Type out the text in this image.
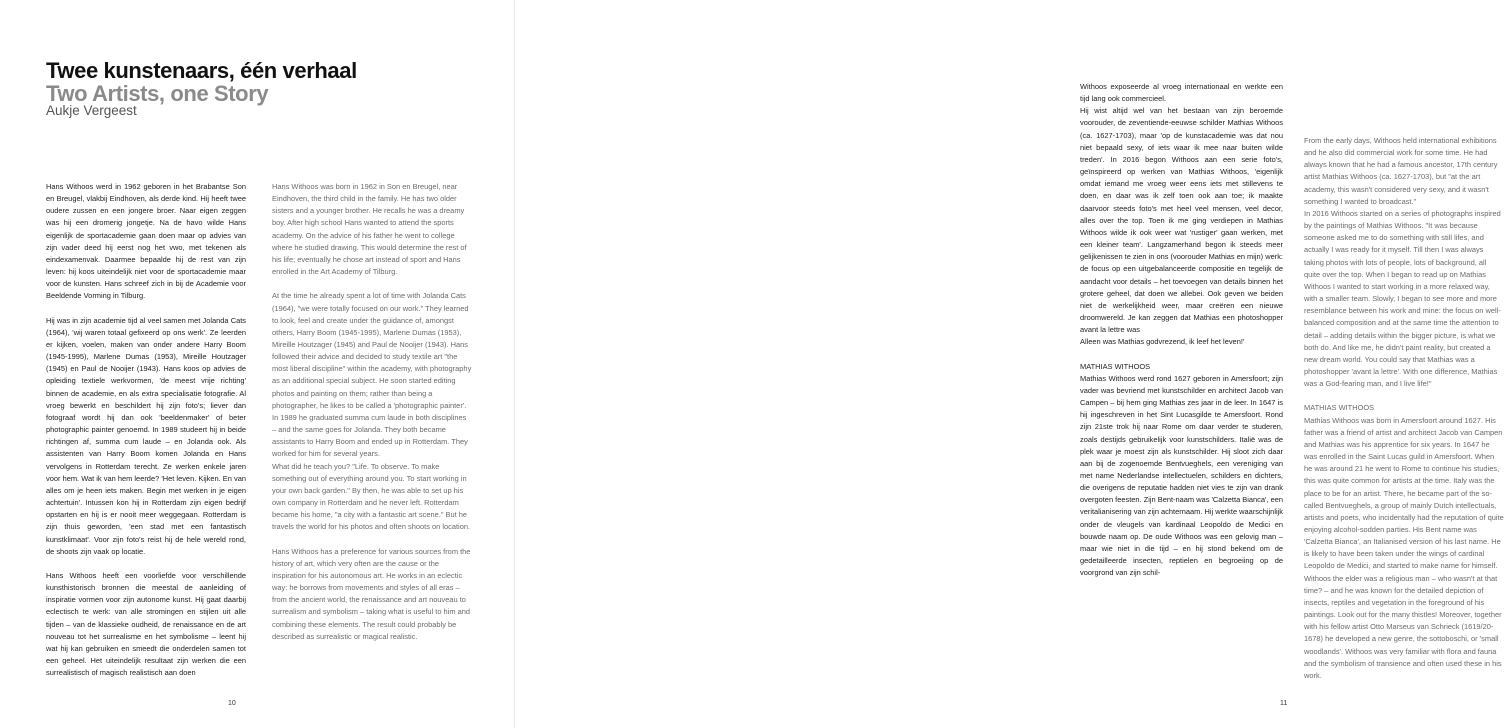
Twee kunstenaars, één verhaal
Two Artists, one Story
Aukje Vergeest

Hans Withoos werd in 1962 geboren in het Brabantse Son en Breugel, vlakbij Eindhoven, als derde kind. Hij heeft twee oudere zussen en een jongere broer. Naar eigen zeggen was hij een dromerig jongetje. Na de havo wilde Hans eigenlijk de sportacademie gaan doen maar op advies van zijn vader deed hij eerst nog het vwo, met tekenen als eindexamenvak. Daarmee bepaalde hij de rest van zijn leven: hij koos uiteindelijk niet voor de sportacademie maar voor de kunsten. Hans schreef zich in bij de Academie voor Beeldende Vorming in Tilburg.

Hij was in zijn academie tijd al veel samen met Jolanda Cats (1964), 'wij waren totaal gefixeerd op ons werk'. Ze leerden er kijken, voelen, maken van onder andere Harry Boom (1945-1995), Marlene Dumas (1953), Mireille Houtzager (1945) en Paul de Nooijer (1943). Hans koos op advies de opleiding textiele werkvormen, 'de meest vrije richting' binnen de academie, en als extra specialisatie fotografie. Al vroeg bewerkt en beschildert hij zijn foto's; liever dan fotograaf wordt hij dan ook 'beeldenmaker' of beter photographic painter genoemd. In 1989 studeert hij in beide richtingen af, summa cum laude – en Jolanda ook. Als assistenten van Harry Boom komen Jolanda en Hans vervolgens in Rotterdam terecht. Ze werken enkele jaren voor hem. Wat ik van hem leerde? 'Het leven. Kijken. En van alles om je heen iets maken. Begin met werken in je eigen achtertuin'. Intussen kon hij in Rotterdam zijn eigen bedrijf opstarten en hij is er nooit meer weggegaan. Rotterdam is zijn thuis geworden, 'een stad met een fantastisch kunstklimaat'. Voor zijn foto's reist hij de hele wereld rond, de shoots zijn vaak op locatie.

Hans Withoos heeft een voorliefde voor verschillende kunsthistorisch bronnen die meestal de aanleiding of inspiratie vormen voor zijn autonome kunst. Hij gaat daarbij eclectisch te werk: van alle stromingen en stijlen uit alle tijden – van de klassieke oudheid, de renaissance en de art nouveau tot het surrealisme en het symbolisme – leent hij wat hij kan gebruiken en smeedt die onderdelen samen tot een geheel. Het uiteindelijk resultaat zijn werken die een surrealistisch of magisch realistisch aan doen

Hans Withoos was born in 1962 in Son en Breugel, near Eindhoven, the third child in the family. He has two older sisters and a younger brother. He recalls he was a dreamy boy. After high school Hans wanted to attend the sports academy. On the advice of his father he went to college where he studied drawing. This would determine the rest of his life; eventually he chose art instead of sport and Hans enrolled in the Art Academy of Tilburg.

At the time he already spent a lot of time with Jolanda Cats (1964), "we were totally focused on our work." They learned to look, feel and create under the guidance of, amongst others, Harry Boom (1945-1995), Marlene Dumas (1953), Mireille Houtzager (1945) and Paul de Nooijer (1943). Hans followed their advice and decided to study textile art "the most liberal discipline" within the academy, with photography as an additional special subject. He soon started editing photos and painting on them; rather than being a photographer, he likes to be called a 'photographic painter'. In 1989 he graduated summa cum laude in both disciplines – and the same goes for Jolanda. They both became assistants to Harry Boom and ended up in Rotterdam. They worked for him for several years.

What did he teach you? "Life. To observe. To make something out of everything around you. To start working in your own back garden." By then, he was able to set up his own company in Rotterdam and he never left. Rotterdam became his home, "a city with a fantastic art scene." But he travels the world for his photos and often shoots on location.

Hans Withoos has a preference for various sources from the history of art, which very often are the cause or the inspiration for his autonomous art. He works in an eclectic way: he borrows from movements and styles of all eras – from the ancient world, the renaissance and art nouveau to surrealism and symbolism – taking what is useful to him and combining these elements. The result could probably be described as surrealistic or magical realistic.

10

Withoos exposeerde al vroeg internationaal en werkte een tijd lang ook commercieel.

Hij wist altijd wel van het bestaan van zijn beroemde voorouder, de zeventiende-eeuwse schilder Mathias Withoos (ca. 1627-1703), maar 'op de kunstacademie was dat nou niet bepaald sexy, of iets waar ik mee naar buiten wilde treden'. In 2016 begon Withoos aan een serie foto's, geïnspireerd op werken van Mathias Withoos, 'eigenlijk omdat iemand me vroeg weer eens iets met stillevens te doen, en daar was ik zelf toen ook aan toe; ik maakte daarvoor steeds foto's met heel veel mensen, veel decor, alles over the top. Toen ik me ging verdiepen in Mathias Withoos wilde ik ook weer wat 'rustiger' gaan werken, met een kleiner team'. Langzamerhand begon ik steeds meer gelijkenissen te zien in ons (voorouder Mathias en mijn) werk: de focus op een uitgebalanceerde compositie en tegelijk de aandacht voor details – het toevoegen van details binnen het grotere geheel, dat doen we allebei. Ook geven we beiden niet de werkelijkheid weer, maar creëren een nieuwe droomwereld. Je kan zeggen dat Mathias een photoshopper avant la lettre was

Alleen was Mathias godvrezend, ik leef het leven!'

MATHIAS WITHOOS

Mathias Withoos werd rond 1627 geboren in Amersfoort; zijn vader was bevriend met kunstschilder en architect Jacob van Campen – bij hem ging Mathias zes jaar in de leer. In 1647 is hij ingeschreven in het Sint Lucasgilde te Amersfoort. Rond zijn 21ste trok hij naar Rome om daar verder te studeren, zoals destijds gebruikelijk voor kunstschilders. Italië was de plek waar je moest zijn als kunstschilder. Hij sloot zich daar aan bij de zogenoemde Bentvueghels, een vereniging van met name Nederlandse intellectuelen, schilders en dichters, die overigens de reputatie hadden niet vies te zijn van drank overgoten feesten. Zijn Bent-naam was 'Calzetta Bianca', een veritalianisering van zijn achternaam. Hij werkte waarschijnlijk onder de vleugels van kardinaal Leopoldo de Medici en bouwde naam op. De oude Withoos was een gelovig man – maar wie niet in die tijd – en hij stond bekend om de gedetailleerde insecten, reptielen en begroeiing op de voorgrond van zijn schil-

From the early days, Withoos held international exhibitions and he also did commercial work for some time. He had always known that he had a famous ancestor, 17th century artist Mathias Withoos (ca. 1627-1703), but "at the art academy, this wasn't considered very sexy, and it wasn't something I wanted to broadcast."

In 2016 Withoos started on a series of photographs inspired by the paintings of Mathias Withoos. "It was because someone asked me to do something with still lifes, and actually I was ready for it myself. Till then I was always taking photos with lots of people, lots of background, all quite over the top. When I began to read up on Mathias Withoos I wanted to start working in a more relaxed way, with a smaller team. Slowly, I began to see more and more resemblance between his work and mine: the focus on well-balanced composition and at the same time the attention to detail – adding details within the bigger picture, is what we both do. And like me, he didn't paint reality, but created a new dream world. You could say that Mathias was a photoshopper 'avant la lettre'. With one difference, Mathias was a God-fearing man, and I live life!"

MATHIAS WITHOOS

Mathias Withoos was born in Amersfoort around 1627. His father was a friend of artist and architect Jacob van Campen and Mathias was his apprentice for six years. In 1647 he was enrolled in the Saint Lucas guild in Amersfoort. When he was around 21 he went to Rome to continue his studies, this was quite common for artists at the time. Italy was the place to be for an artist. There, he became part of the so-called Bentvueghels, a group of mainly Dutch intellectuals, artists and poets, who incidentally had the reputation of quite enjoying alcohol-sodden parties. His Bent name was 'Calzetta Bianca', an Italianised version of his last name. He is likely to have been taken under the wings of cardinal Leopoldo de Medici, and started to make name for himself. Withoos the elder was a religious man – who wasn't at that time? – and he was known for the detailed depiction of insects, reptiles and vegetation in the foreground of his paintings. Look out for the many thistles! Moreover, together with his fellow artist Otto Marseus van Schrieck (1619/20-1678) he developed a new genre, the sottoboschi, or 'small woodlands'. Withoos was very familiar with flora and fauna and the symbolism of transience and often used these in his work.

11
